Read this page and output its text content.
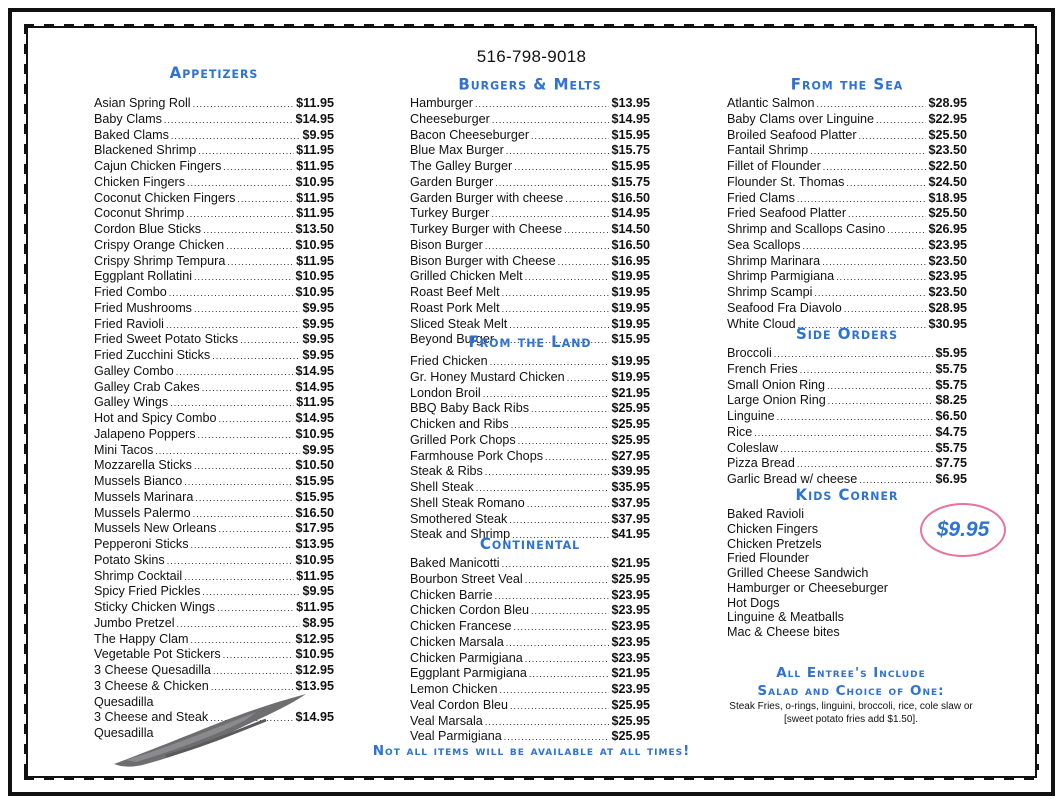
516-798-9018
Appetizers
Asian Spring Roll .....	$11.95
Baby Clams .....	$14.95
Baked Clams .....	$9.95
Blackened Shrimp .....	$11.95
Cajun Chicken Fingers .....	$11.95
Chicken Fingers .....	$10.95
Coconut Chicken Fingers .....	$11.95
Coconut Shrimp .....	$11.95
Cordon Blue Sticks .....	$13.50
Crispy Orange Chicken .....	$10.95
Crispy Shrimp Tempura .....	$11.95
Eggplant Rollatini .....	$10.95
Fried Combo .....	$10.95
Fried Mushrooms .....	$9.95
Fried Ravioli .....	$9.95
Fried Sweet Potato Sticks .....	$9.95
Fried Zucchini Sticks .....	$9.95
Galley Combo .....	$14.95
Galley Crab Cakes .....	$14.95
Galley Wings .....	$11.95
Hot and Spicy Combo .....	$14.95
Jalapeno Poppers .....	$10.95
Mini Tacos .....	$9.95
Mozzarella Sticks .....	$10.50
Mussels Bianco .....	$15.95
Mussels Marinara .....	$15.95
Mussels Palermo .....	$16.50
Mussels New Orleans .....	$17.95
Pepperoni Sticks .....	$13.95
Potato Skins .....	$10.95
Shrimp Cocktail .....	$11.95
Spicy Fried Pickles .....	$9.95
Sticky Chicken Wings .....	$11.95
Jumbo Pretzel .....	$8.95
The Happy Clam .....	$12.95
Vegetable Pot Stickers .....	$10.95
3 Cheese Quesadilla .....	$12.95
3 Cheese & Chicken .....	$13.95
Quesadilla
3 Cheese and Steak .....	$14.95
Quesadilla
Burgers & Melts
Hamburger .....	$13.95
Cheeseburger .....	$14.95
Bacon Cheeseburger .....	$15.95
Blue Max Burger .....	$15.75
The Galley Burger .....	$15.95
Garden Burger .....	$15.75
Garden Burger with cheese .....	$16.50
Turkey Burger .....	$14.95
Turkey Burger with Cheese .....	$14.50
Bison Burger .....	$16.50
Bison Burger with Cheese .....	$16.95
Grilled Chicken Melt .....	$19.95
Roast Beef Melt .....	$19.95
Roast Pork Melt .....	$19.95
Sliced Steak Melt .....	$19.95
Beyond Burger .....	$15.95
From the Land
Fried Chicken .....	$19.95
Gr. Honey Mustard Chicken .....	$19.95
London Broil .....	$21.95
BBQ Baby Back Ribs .....	$25.95
Chicken and Ribs .....	$25.95
Grilled Pork Chops .....	$25.95
Farmhouse Pork Chops .....	$27.95
Steak & Ribs .....	$39.95
Shell Steak .....	$35.95
Shell Steak Romano .....	$37.95
Smothered Steak .....	$37.95
Steak and Shrimp .....	$41.95
Continental
Baked Manicotti .....	$21.95
Bourbon Street Veal .....	$25.95
Chicken Barrie .....	$23.95
Chicken Cordon Bleu .....	$23.95
Chicken Francese .....	$23.95
Chicken Marsala .....	$23.95
Chicken Parmigiana .....	$23.95
Eggplant Parmigiana .....	$21.95
Lemon Chicken .....	$23.95
Veal Cordon Bleu .....	$25.95
Veal Marsala .....	$25.95
Veal Parmigiana .....	$25.95
From the Sea
Atlantic Salmon .....	$28.95
Baby Clams over Linguine .....	$22.95
Broiled Seafood Platter .....	$25.50
Fantail Shrimp .....	$23.50
Fillet of Flounder .....	$22.50
Flounder St. Thomas .....	$24.50
Fried Clams .....	$18.95
Fried Seafood Platter .....	$25.50
Shrimp and Scallops Casino .....	$26.95
Sea Scallops .....	$23.95
Shrimp Marinara .....	$23.50
Shrimp Parmigiana .....	$23.95
Shrimp Scampi .....	$23.50
Seafood Fra Diavolo .....	$28.95
White Cloud .....	$30.95
Side Orders
Broccoli .....	$5.95
French Fries .....	$5.75
Small Onion Ring .....	$5.75
Large Onion Ring .....	$8.25
Linguine .....	$6.50
Rice .....	$4.75
Coleslaw .....	$5.75
Pizza Bread .....	$7.75
Garlic Bread w/ cheese .....	$6.95
Kids Corner
Baked Ravioli
Chicken Fingers
Chicken Pretzels
Fried Flounder
Grilled Cheese Sandwich
Hamburger or Cheeseburger
Hot Dogs
Linguine & Meatballs
Mac & Cheese bites
$9.95
All Entree's Include
Salad and Choice of One:
Steak Fries, o-rings, linguini, broccoli, rice, cole slaw or [sweet potato fries add $1.50].
Not all items will be available at all times!
